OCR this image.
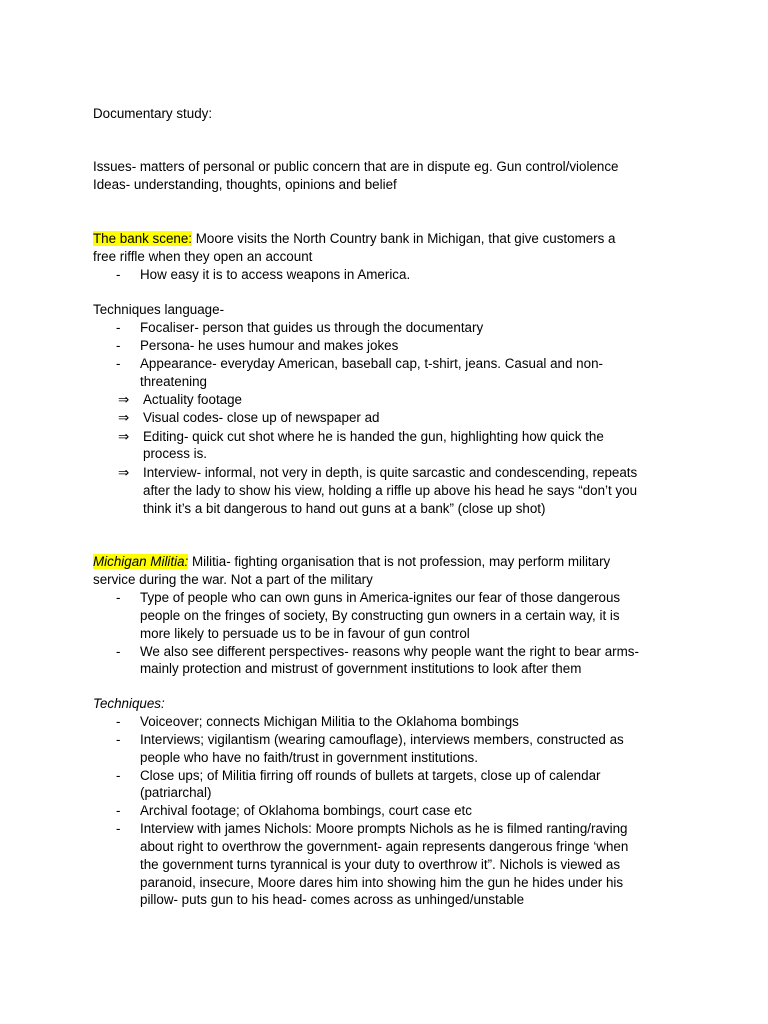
Documentary study:
Issues- matters of personal or public concern that are in dispute eg. Gun control/violence
Ideas- understanding, thoughts, opinions and belief
The bank scene: Moore visits the North Country bank in Michigan, that give customers a
free riffle when they open an account
- How easy it is to access weapons in America.
Techniques language-
- Focaliser- person that guides us through the documentary
- Persona- he uses humour and makes jokes
- Appearance- everyday American, baseball cap, t-shirt, jeans. Casual and non-
threatening
⇒ Actuality footage
⇒ Visual codes- close up of newspaper ad
⇒ Editing- quick cut shot where he is handed the gun, highlighting how quick the
process is.
⇒ Interview- informal, not very in depth, is quite sarcastic and condescending, repeats
after the lady to show his view, holding a riffle up above his head he says “don’t you
think it’s a bit dangerous to hand out guns at a bank” (close up shot)
Michigan Militia: Militia- fighting organisation that is not profession, may perform military
service during the war. Not a part of the military
- Type of people who can own guns in America-ignites our fear of those dangerous
people on the fringes of society, By constructing gun owners in a certain way, it is
more likely to persuade us to be in favour of gun control
- We also see different perspectives- reasons why people want the right to bear arms-
mainly protection and mistrust of government institutions to look after them
Techniques:
- Voiceover; connects Michigan Militia to the Oklahoma bombings
- Interviews; vigilantism (wearing camouflage), interviews members, constructed as
people who have no faith/trust in government institutions.
- Close ups; of Militia firring off rounds of bullets at targets, close up of calendar
(patriarchal)
- Archival footage; of Oklahoma bombings, court case etc
- Interview with james Nichols: Moore prompts Nichols as he is filmed ranting/raving
about right to overthrow the government- again represents dangerous fringe ‘when
the government turns tyrannical is your duty to overthrow it”. Nichols is viewed as
paranoid, insecure, Moore dares him into showing him the gun he hides under his
pillow- puts gun to his head- comes across as unhinged/unstable
